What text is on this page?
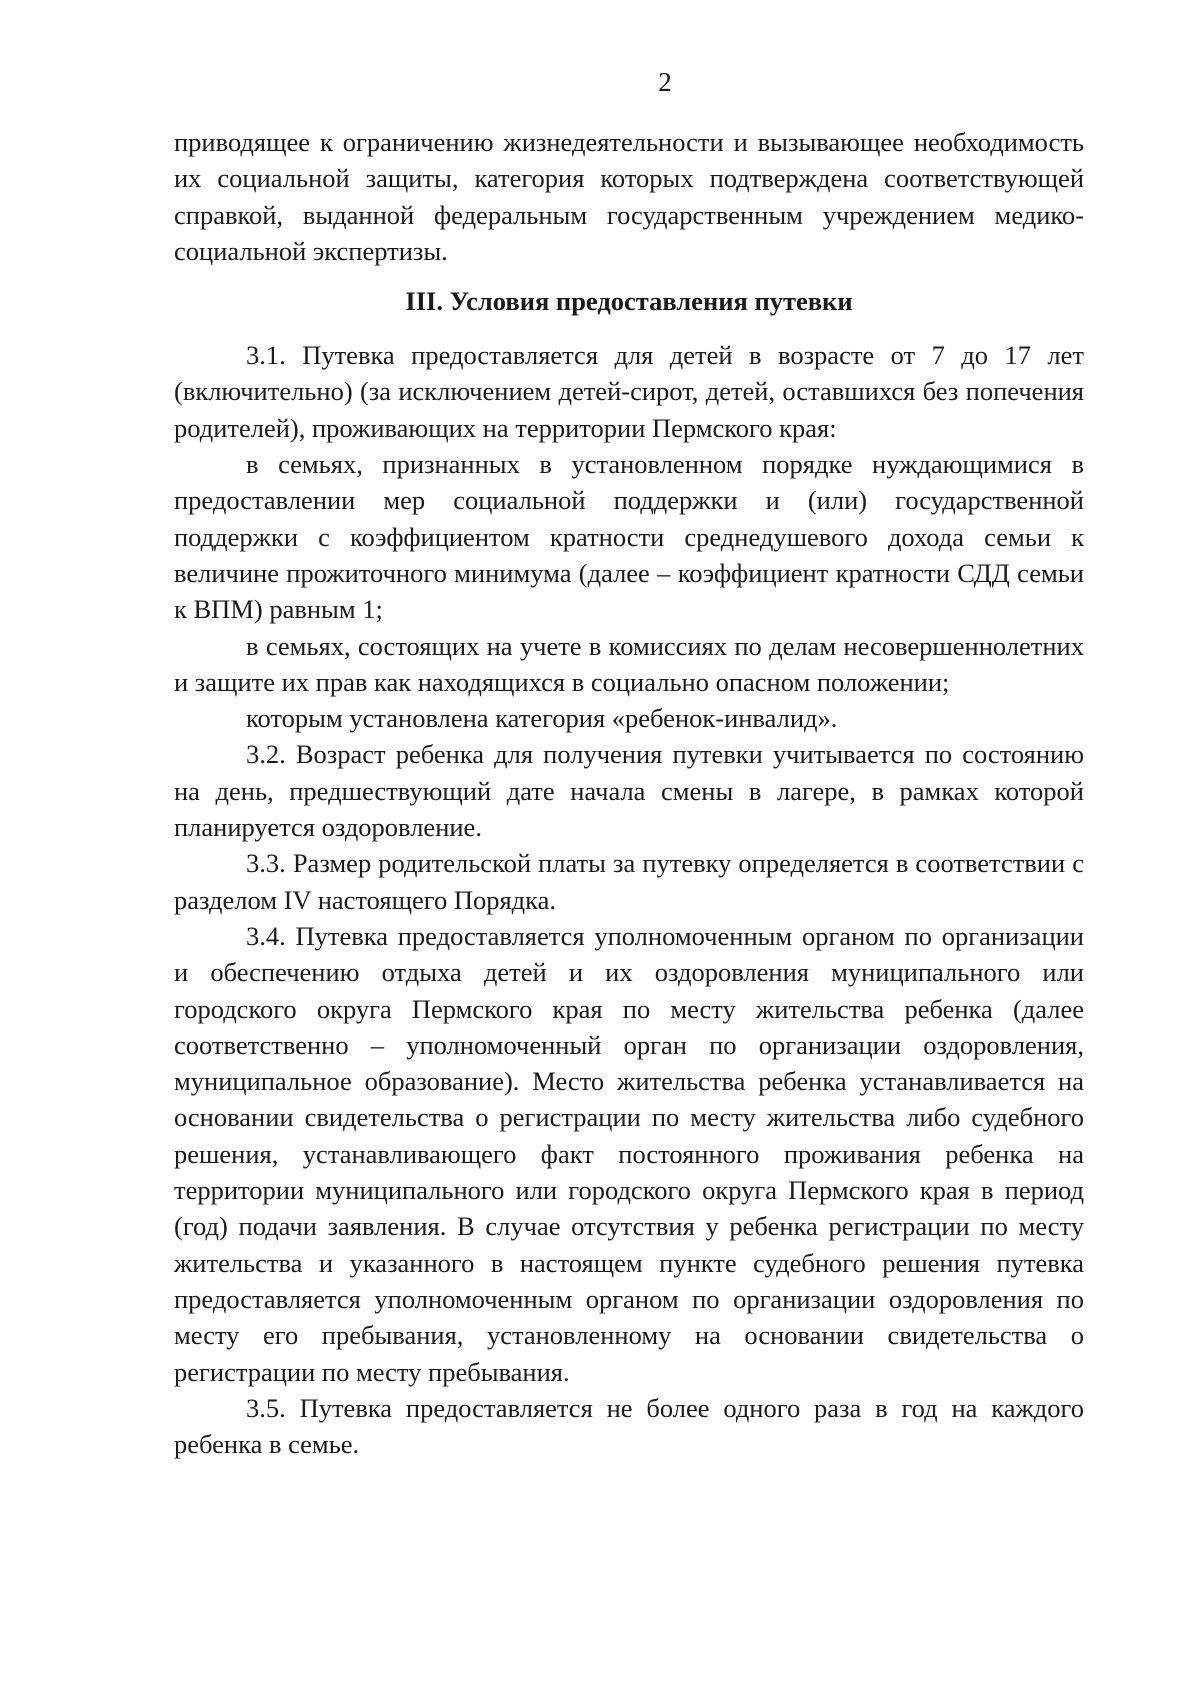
2

приводящее к ограничению жизнедеятельности и вызывающее необходимость их социальной защиты, категория которых подтверждена соответствующей справкой, выданной федеральным государственным учреждением медико-социальной экспертизы.

III. Условия предоставления путевки

3.1. Путевка предоставляется для детей в возрасте от 7 до 17 лет (включительно) (за исключением детей-сирот, детей, оставшихся без попечения родителей), проживающих на территории Пермского края:

в семьях, признанных в установленном порядке нуждающимися в предоставлении мер социальной поддержки и (или) государственной поддержки с коэффициентом кратности среднедушевого дохода семьи к величине прожиточного минимума (далее – коэффициент кратности СДД семьи к ВПМ) равным 1;

в семьях, состоящих на учете в комиссиях по делам несовершеннолетних и защите их прав как находящихся в социально опасном положении;

которым установлена категория «ребенок-инвалид».

3.2. Возраст ребенка для получения путевки учитывается по состоянию на день, предшествующий дате начала смены в лагере, в рамках которой планируется оздоровление.

3.3. Размер родительской платы за путевку определяется в соответствии с разделом IV настоящего Порядка.

3.4. Путевка предоставляется уполномоченным органом по организации и обеспечению отдыха детей и их оздоровления муниципального или городского округа Пермского края по месту жительства ребенка (далее соответственно – уполномоченный орган по организации оздоровления, муниципальное образование). Место жительства ребенка устанавливается на основании свидетельства о регистрации по месту жительства либо судебного решения, устанавливающего факт постоянного проживания ребенка на территории муниципального или городского округа Пермского края в период (год) подачи заявления. В случае отсутствия у ребенка регистрации по месту жительства и указанного в настоящем пункте судебного решения путевка предоставляется уполномоченным органом по организации оздоровления по месту его пребывания, установленному на основании свидетельства о регистрации по месту пребывания.

3.5. Путевка предоставляется не более одного раза в год на каждого ребенка в семье.
